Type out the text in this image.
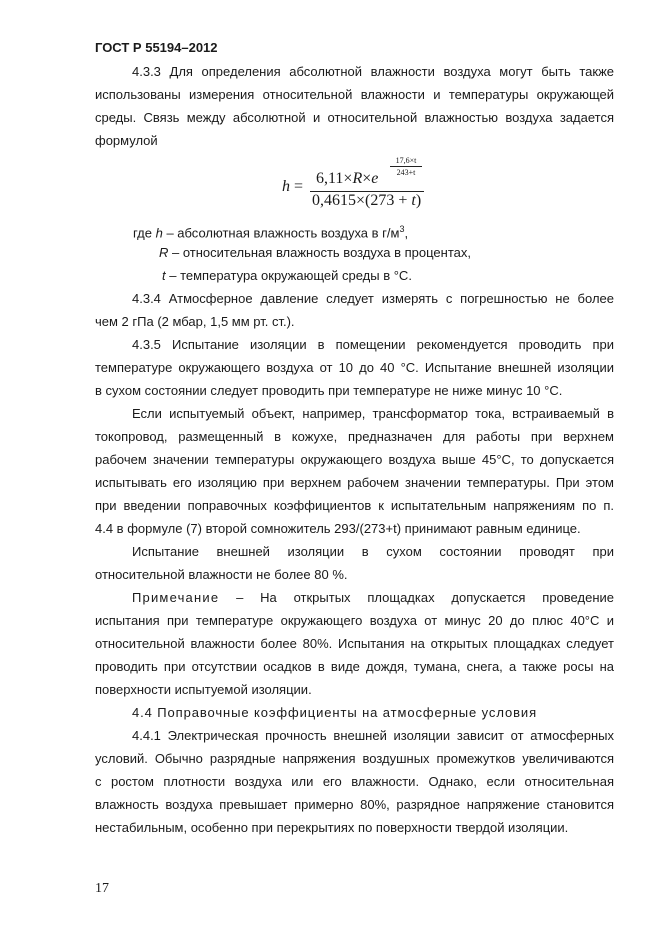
ГОСТ Р 55194–2012
4.3.3 Для определения абсолютной влажности воздуха могут быть также
использованы измерения относительной влажности и температуры окружающей
среды. Связь между абсолютной и относительной влажностью воздуха задается
формулой
h = 6,11×R×e
17,6×t
243+t
0,4615×(273 + t)
где h – абсолютная влажность воздуха в $г/м^3$,
R – относительная влажность воздуха в процентах,
t – температура окружающей среды в °С.
4.3.4 Атмосферное давление следует измерять с погрешностью не более
чем 2 гПа (2 мбар, 1,5 мм рт. ст.).
4.3.5 Испытание изоляции в помещении рекомендуется проводить при
температуре окружающего воздуха от 10 до 40 °С. Испытание внешней изоляции
в сухом состоянии следует проводить при температуре не ниже минус 10 °С.
Если испытуемый объект, например, трансформатор тока, встраиваемый в
токопровод, размещенный в кожухе, предназначен для работы при верхнем
рабочем значении температуры окружающего воздуха выше 45°С, то допускается
испытывать его изоляцию при верхнем рабочем значении температуры. При этом
при введении поправочных коэффициентов к испытательным напряжениям по п.
4.4 в формуле (7) второй сомножитель 293/(273+t) принимают равным единице.
Испытание внешней изоляции в сухом состоянии проводят при
относительной влажности не более 80 %.
Примечание – На открытых площадках допускается проведение
испытания при температуре окружающего воздуха от минус 20 до плюс 40°С и
относительной влажности более 80%. Испытания на открытых площадках следует
проводить при отсутствии осадков в виде дождя, тумана, снега, а также росы на
поверхности испытуемой изоляции.
4.4 Поправочные коэффициенты на атмосферные условия
4.4.1 Электрическая прочность внешней изоляции зависит от атмосферных
условий. Обычно разрядные напряжения воздушных промежутков увеличиваются
с ростом плотности воздуха или его влажности. Однако, если относительная
влажность воздуха превышает примерно 80%, разрядное напряжение становится
нестабильным, особенно при перекрытиях по поверхности твердой изоляции.
17
